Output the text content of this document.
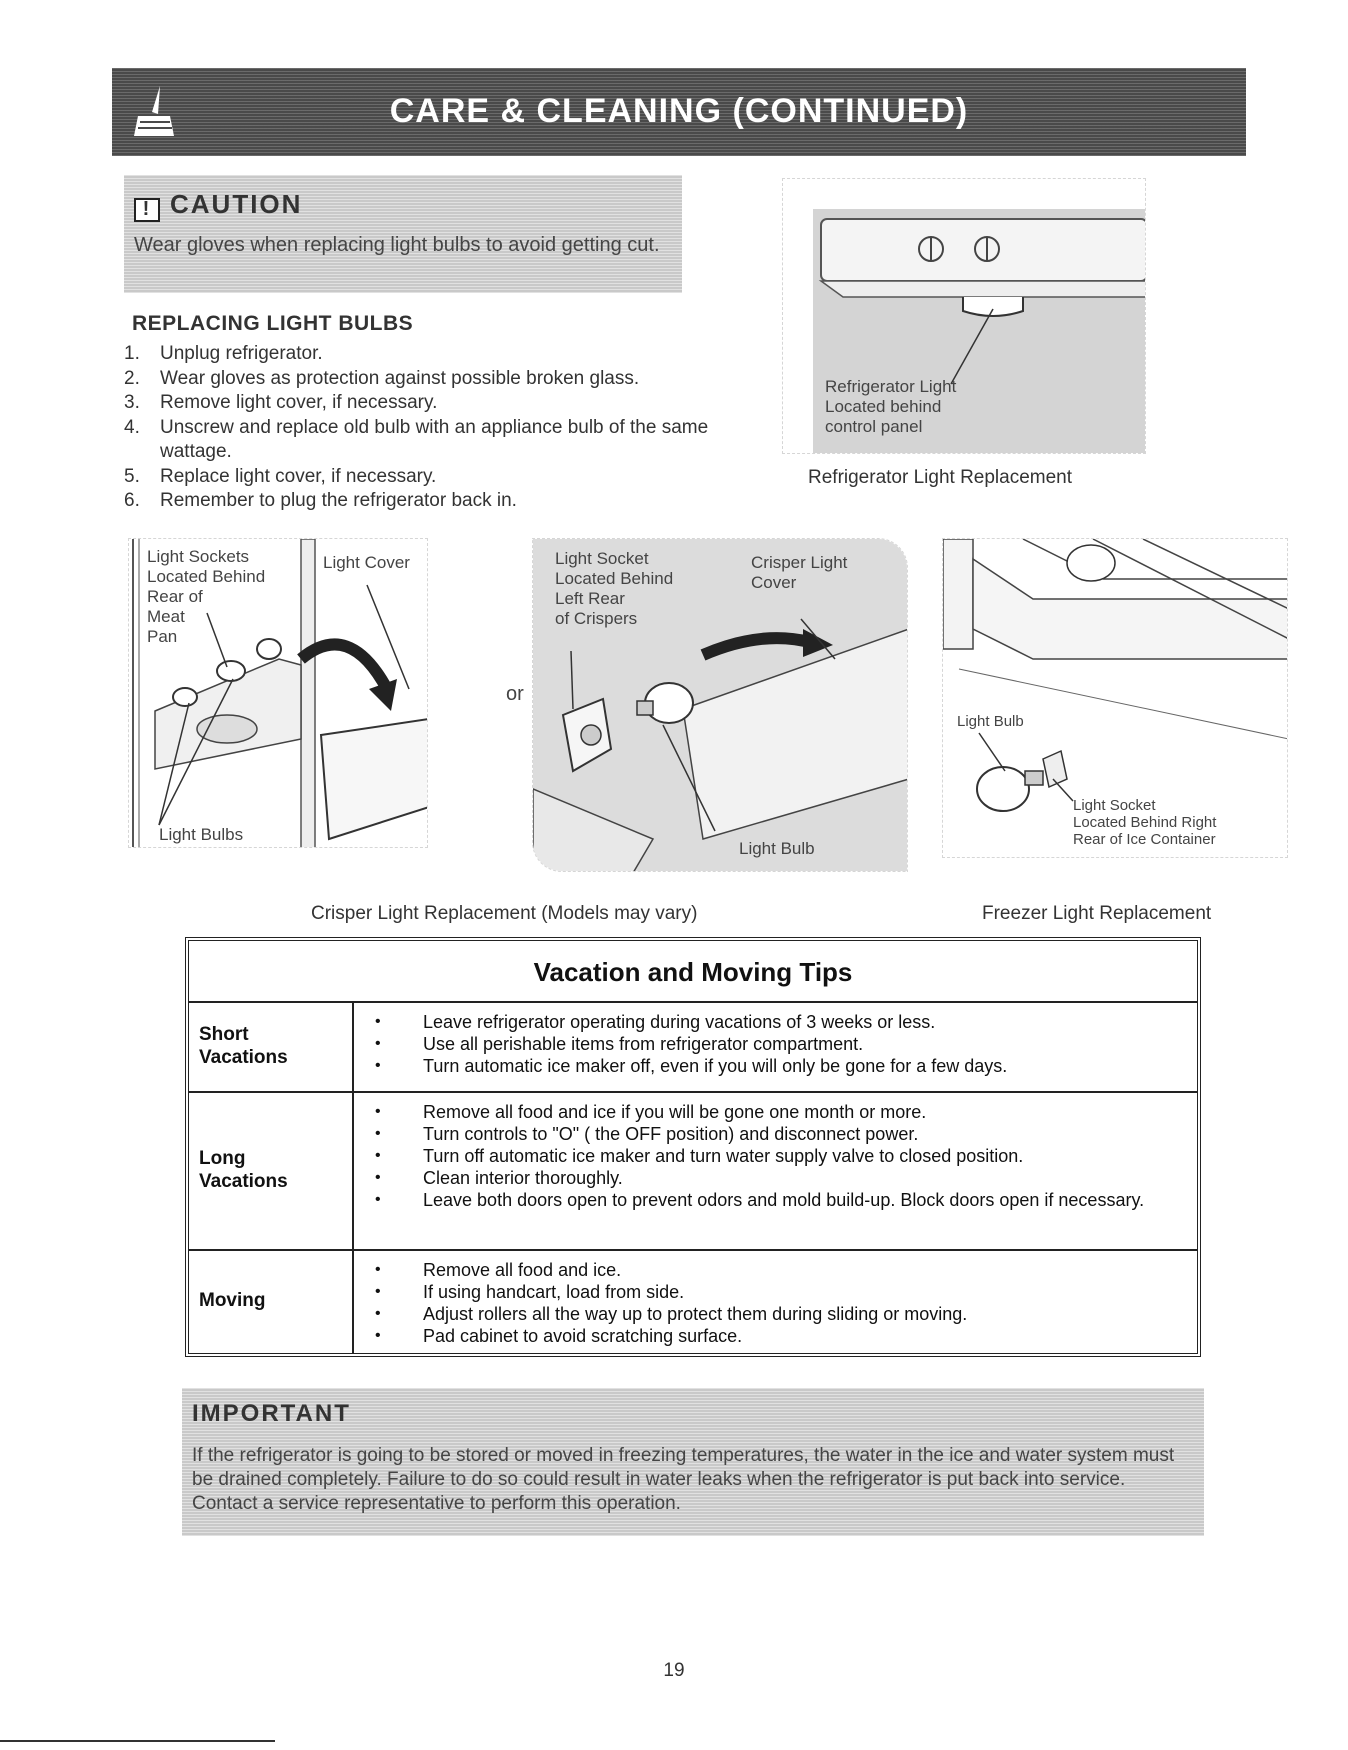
CARE & CLEANING (CONTINUED)
! CAUTION
Wear gloves when replacing light bulbs to avoid getting cut.
REPLACING LIGHT BULBS
1. Unplug refrigerator.
2. Wear gloves as protection against possible broken glass.
3. Remove light cover, if necessary.
4. Unscrew and replace old bulb with an appliance bulb of the same wattage.
5. Replace light cover, if necessary.
6. Remember to plug the refrigerator back in.
Refrigerator Light
Located behind
control panel
Refrigerator Light Replacement
Light Sockets
Located Behind
Rear of
Meat
Pan
Light Cover
Light Bulbs
or
Light Socket
Located Behind
Left Rear
of Crispers
Crisper Light
Cover
Light Bulb
Crisper Light Replacement (Models may vary)
Light Bulb
Light Socket
Located Behind Right
Rear of Ice Container
Freezer Light Replacement
Vacation and Moving Tips
Short
Vacations
• Leave refrigerator operating during vacations of 3 weeks or less.
• Use all perishable items from refrigerator compartment.
• Turn automatic ice maker off, even if you will only be gone for a few days.
Long
Vacations
• Remove all food and ice if you will be gone one month or more.
• Turn controls to "O" ( the OFF position) and disconnect power.
• Turn off automatic ice maker and turn water supply valve to closed position.
• Clean interior thoroughly.
• Leave both doors open to prevent odors and mold build-up. Block doors open if necessary.
Moving
• Remove all food and ice.
• If using handcart, load from side.
• Adjust rollers all the way up to protect them during sliding or moving.
• Pad cabinet to avoid scratching surface.
IMPORTANT
If the refrigerator is going to be stored or moved in freezing temperatures, the water in the ice and water system must be drained completely. Failure to do so could result in water leaks when the refrigerator is put back into service. Contact a service representative to perform this operation.
19
